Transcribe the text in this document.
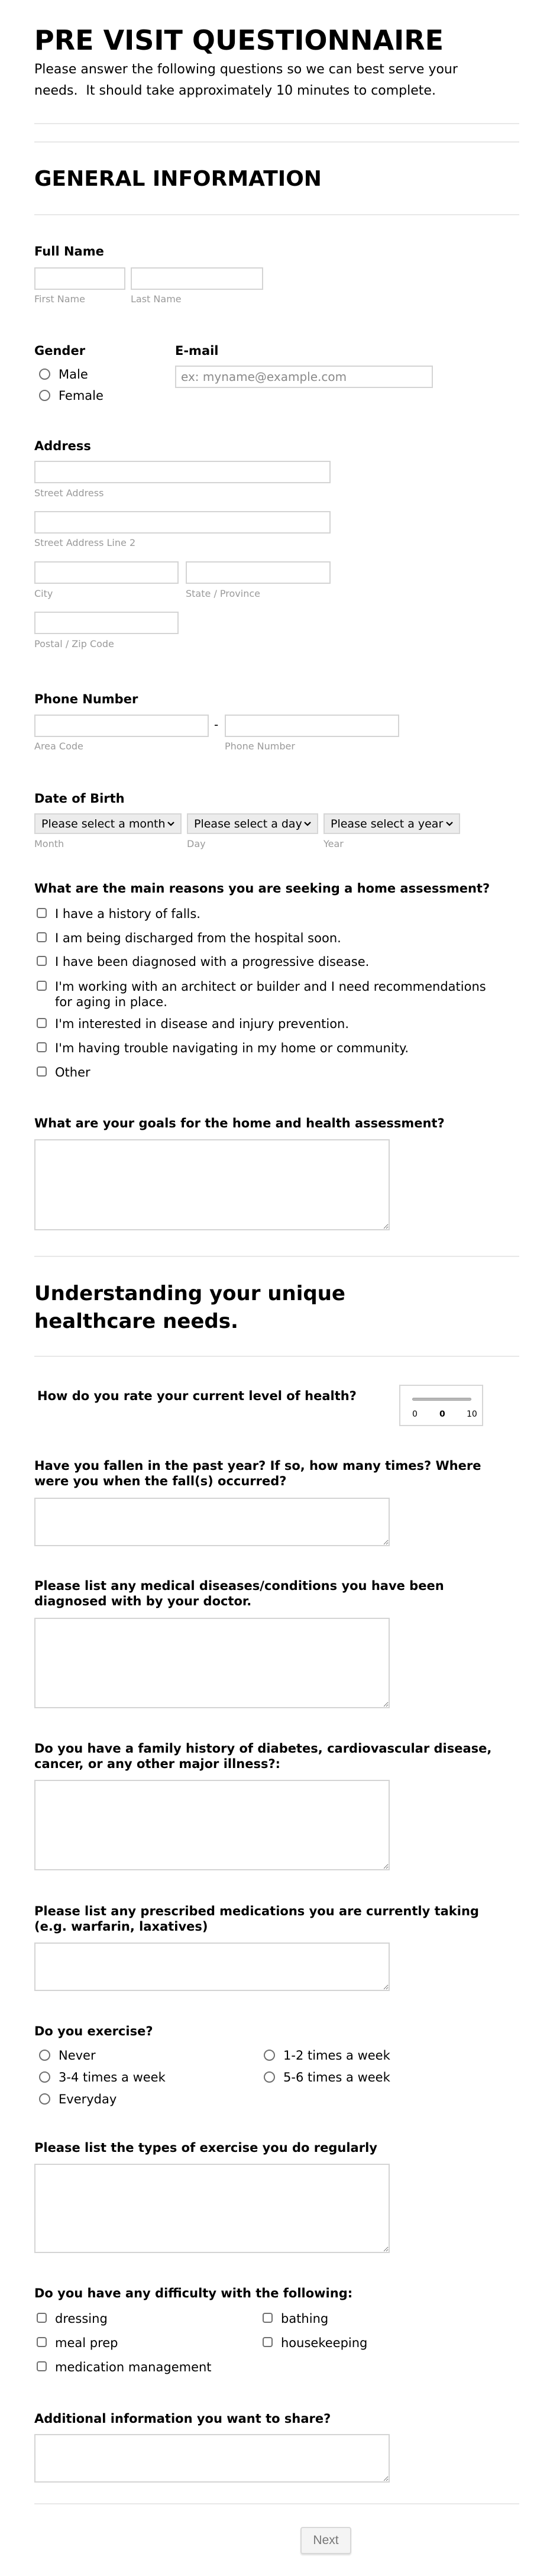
PRE VISIT QUESTIONNAIRE
Please answer the following questions so we can best serve your
needs.  It should take approximately 10 minutes to complete.
GENERAL INFORMATION
Full Name
First Name	Last Name
Gender
Male
Female
E-mail
ex: myname@example.com
Address
Street Address
Street Address Line 2
City	State / Province
Postal / Zip Code
Phone Number
-
Area Code	Phone Number
Date of Birth
Please select a month	Please select a day	Please select a year
Month	Day	Year
What are the main reasons you are seeking a home assessment?
I have a history of falls.
I am being discharged from the hospital soon.
I have been diagnosed with a progressive disease.
I'm working with an architect or builder and I need recommendations
for aging in place.
I'm interested in disease and injury prevention.
I'm having trouble navigating in my home or community.
Other
What are your goals for the home and health assessment?
Understanding your unique
healthcare needs.
How do you rate your current level of health?
0	0	10
Have you fallen in the past year? If so, how many times? Where
were you when the fall(s) occurred?
Please list any medical diseases/conditions you have been
diagnosed with by your doctor.
Do you have a family history of diabetes, cardiovascular disease,
cancer, or any other major illness?:
Please list any prescribed medications you are currently taking
(e.g. warfarin, laxatives)
Do you exercise?
Never	1-2 times a week
3-4 times a week	5-6 times a week
Everyday
Please list the types of exercise you do regularly
Do you have any difficulty with the following:
dressing	bathing
meal prep	housekeeping
medication management
Additional information you want to share?
Next
